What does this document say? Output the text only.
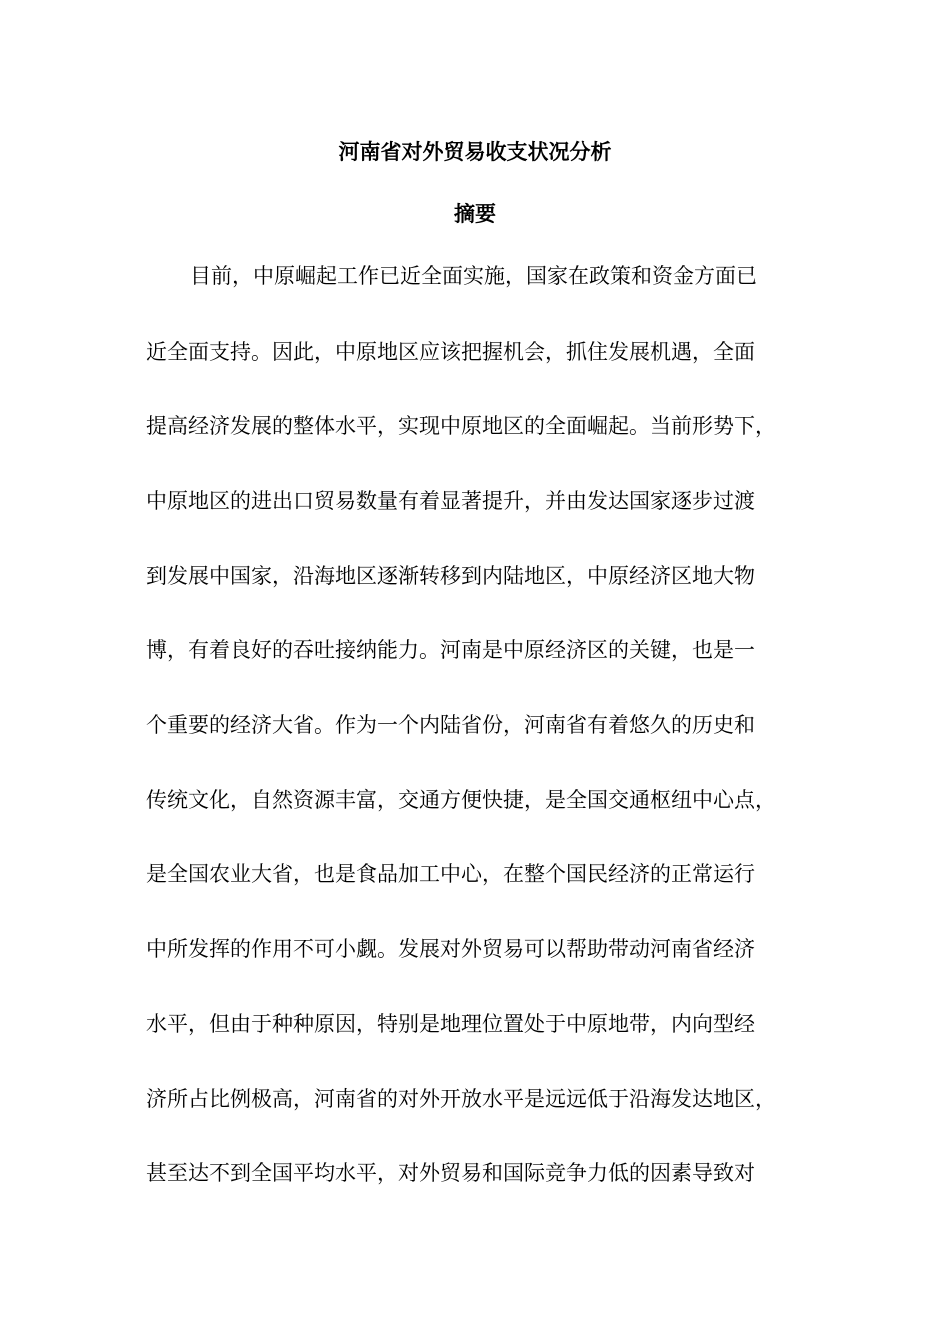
河南省对外贸易收支状况分析
摘要
目前，中原崛起工作已近全面实施，国家在政策和资金方面已
近全面支持。因此，中原地区应该把握机会，抓住发展机遇，全面
提高经济发展的整体水平，实现中原地区的全面崛起。当前形势下，
中原地区的进出口贸易数量有着显著提升，并由发达国家逐步过渡
到发展中国家，沿海地区逐渐转移到内陆地区，中原经济区地大物
博，有着良好的吞吐接纳能力。河南是中原经济区的关键，也是一
个重要的经济大省。作为一个内陆省份，河南省有着悠久的历史和
传统文化，自然资源丰富，交通方便快捷，是全国交通枢纽中心点，
是全国农业大省，也是食品加工中心，在整个国民经济的正常运行
中所发挥的作用不可小觑。发展对外贸易可以帮助带动河南省经济
水平，但由于种种原因，特别是地理位置处于中原地带，内向型经
济所占比例极高，河南省的对外开放水平是远远低于沿海发达地区，
甚至达不到全国平均水平，对外贸易和国际竞争力低的因素导致对
